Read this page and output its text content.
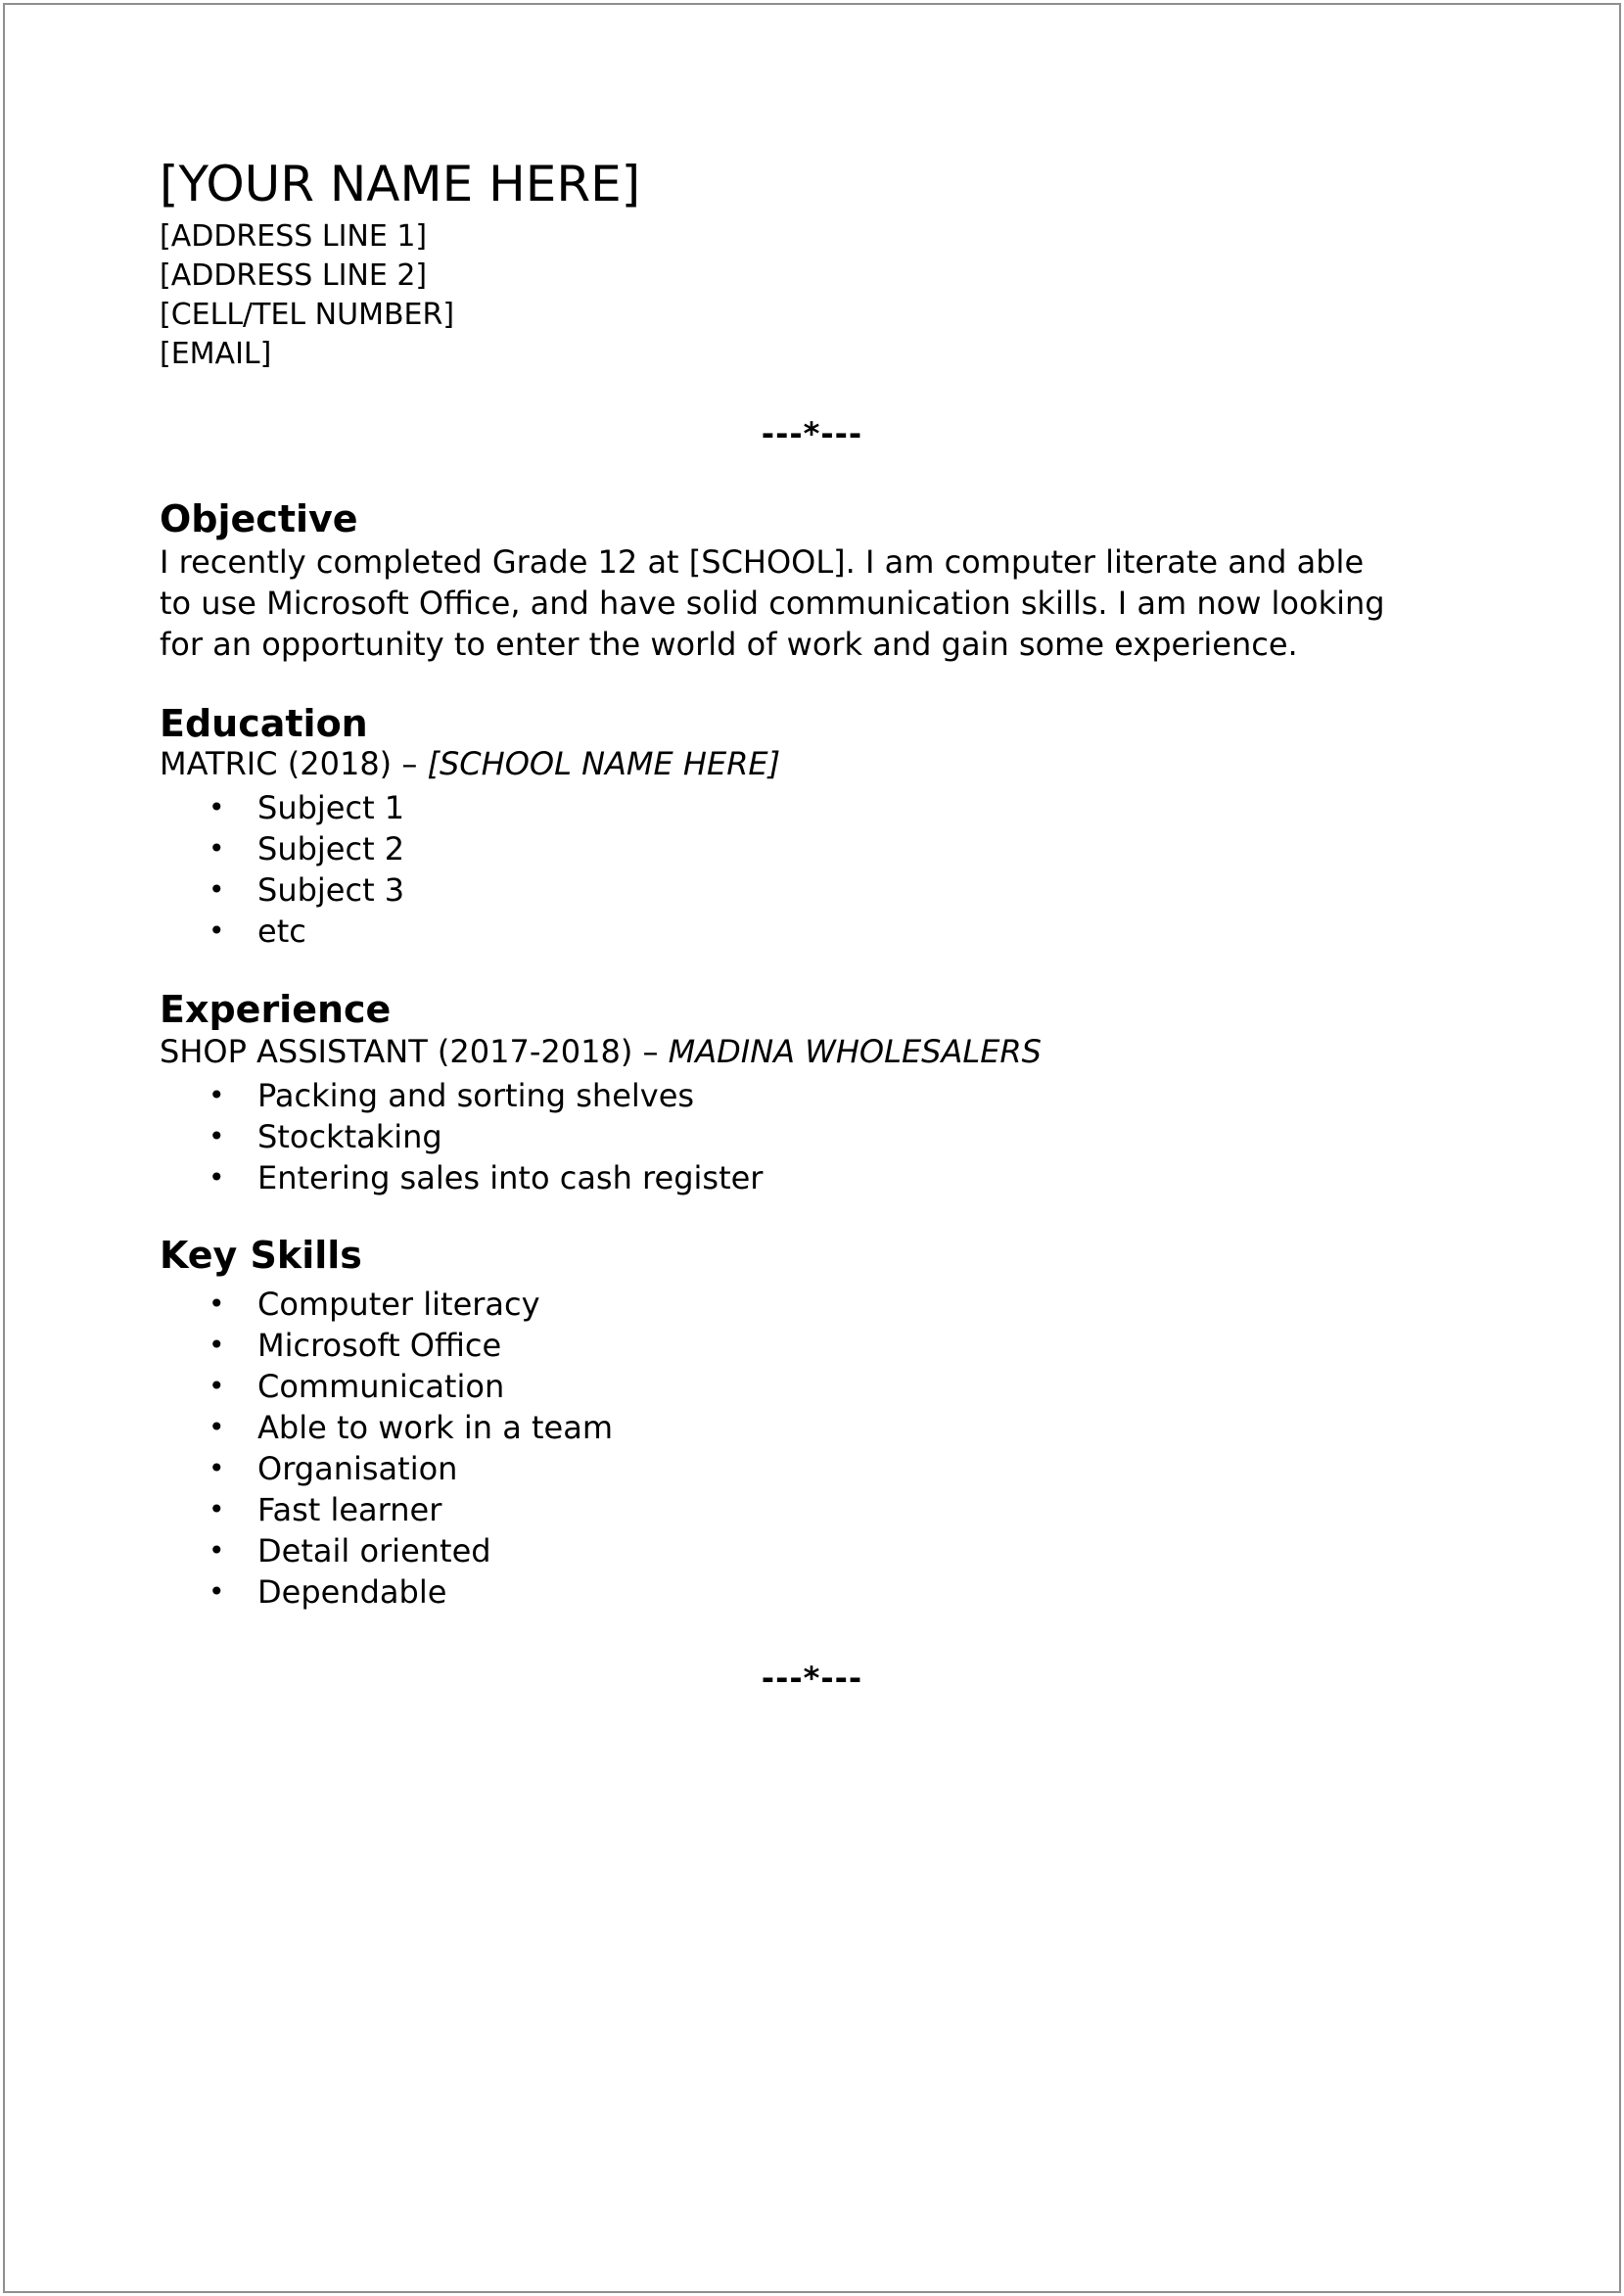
[YOUR NAME HERE]
[ADDRESS LINE 1]
[ADDRESS LINE 2]
[CELL/TEL NUMBER]
[EMAIL]
---*---
Objective
I recently completed Grade 12 at [SCHOOL]. I am computer literate and able
to use Microsoft Office, and have solid communication skills. I am now looking
for an opportunity to enter the world of work and gain some experience.
Education
MATRIC (2018) – [SCHOOL NAME HERE]
• Subject 1
• Subject 2
• Subject 3
• etc
Experience
SHOP ASSISTANT (2017-2018) – MADINA WHOLESALERS
• Packing and sorting shelves
• Stocktaking
• Entering sales into cash register
Key Skills
• Computer literacy
• Microsoft Office
• Communication
• Able to work in a team
• Organisation
• Fast learner
• Detail oriented
• Dependable
---*---
